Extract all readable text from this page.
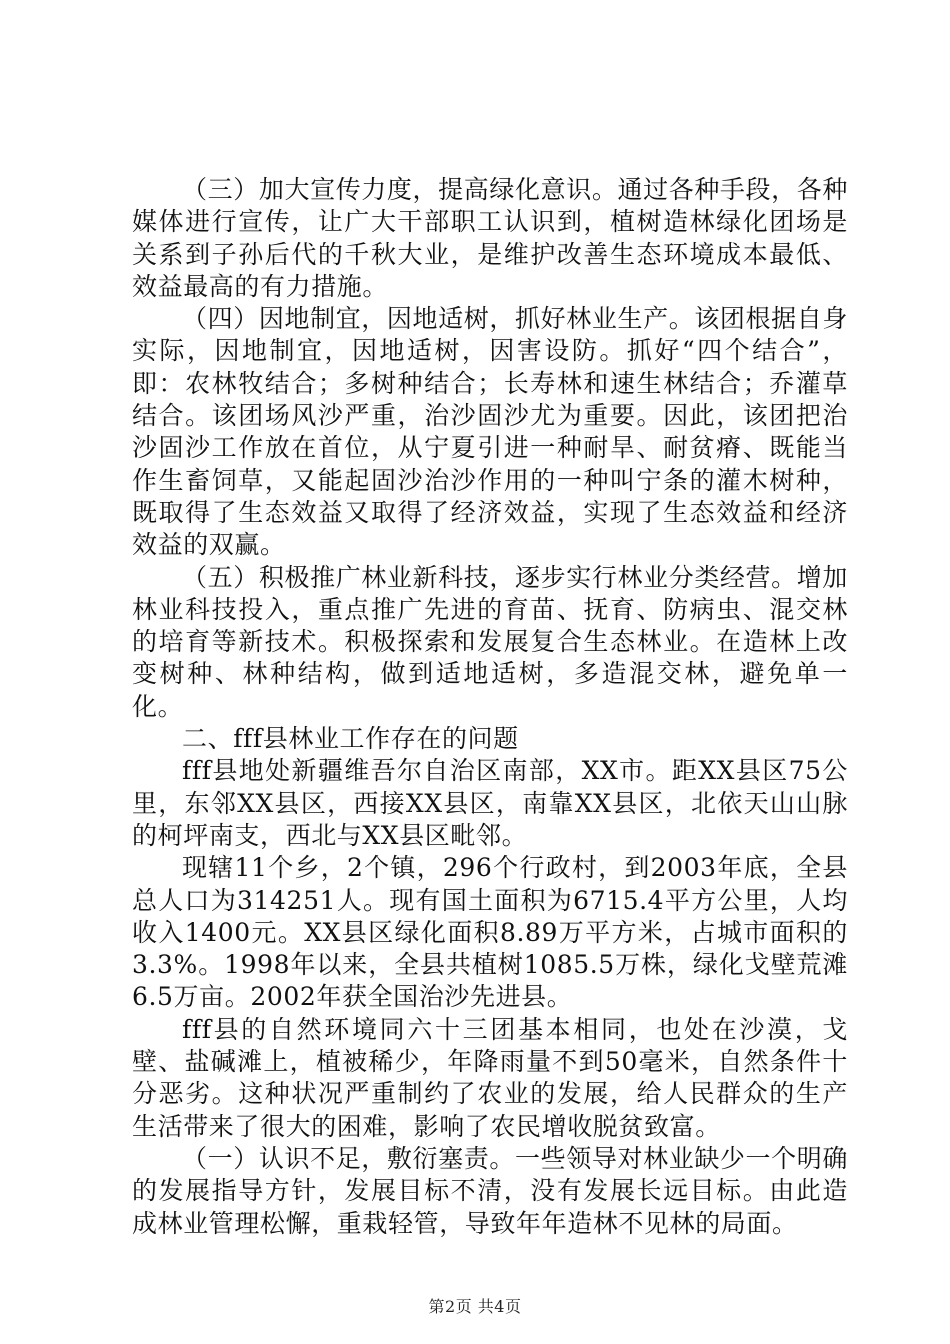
（三）加大宣传力度，提高绿化意识。通过各种手段，各种媒体进行宣传，让广大干部职工认识到，植树造林绿化团场是关系到子孙后代的千秋大业，是维护改善生态环境成本最低、效益最高的有力措施。

（四）因地制宜，因地适树，抓好林业生产。该团根据自身实际，因地制宜，因地适树，因害设防。抓好“四个结合”，即：农林牧结合；多树种结合；长寿林和速生林结合；乔灌草结合。该团场风沙严重，治沙固沙尤为重要。因此，该团把治沙固沙工作放在首位，从宁夏引进一种耐旱、耐贫瘠、既能当作生畜饲草，又能起固沙治沙作用的一种叫宁条的灌木树种，既取得了生态效益又取得了经济效益，实现了生态效益和经济效益的双赢。

（五）积极推广林业新科技，逐步实行林业分类经营。增加林业科技投入，重点推广先进的育苗、抚育、防病虫、混交林的培育等新技术。积极探索和发展复合生态林业。在造林上改变树种、林种结构，做到适地适树，多造混交林，避免单一化。

二、fff县林业工作存在的问题

fff县地处新疆维吾尔自治区南部，XX市。距XX县区75公里，东邻XX县区，西接XX县区，南靠XX县区，北依天山山脉的柯坪南支，西北与XX县区毗邻。

现辖11个乡，2个镇，296个行政村，到2003年底，全县总人口为314251人。现有国土面积为6715.4平方公里，人均收入1400元。XX县区绿化面积8.89万平方米，占城市面积的3.3%。1998年以来，全县共植树1085.5万株，绿化戈壁荒滩6.5万亩。2002年获全国治沙先进县。

fff县的自然环境同六十三团基本相同，也处在沙漠，戈壁、盐碱滩上，植被稀少，年降雨量不到50毫米，自然条件十分恶劣。这种状况严重制约了农业的发展，给人民群众的生产生活带来了很大的困难，影响了农民增收脱贫致富。

（一）认识不足，敷衍塞责。一些领导对林业缺少一个明确的发展指导方针，发展目标不清，没有发展长远目标。由此造成林业管理松懈，重栽轻管，导致年年造林不见林的局面。

第2页 共4页
